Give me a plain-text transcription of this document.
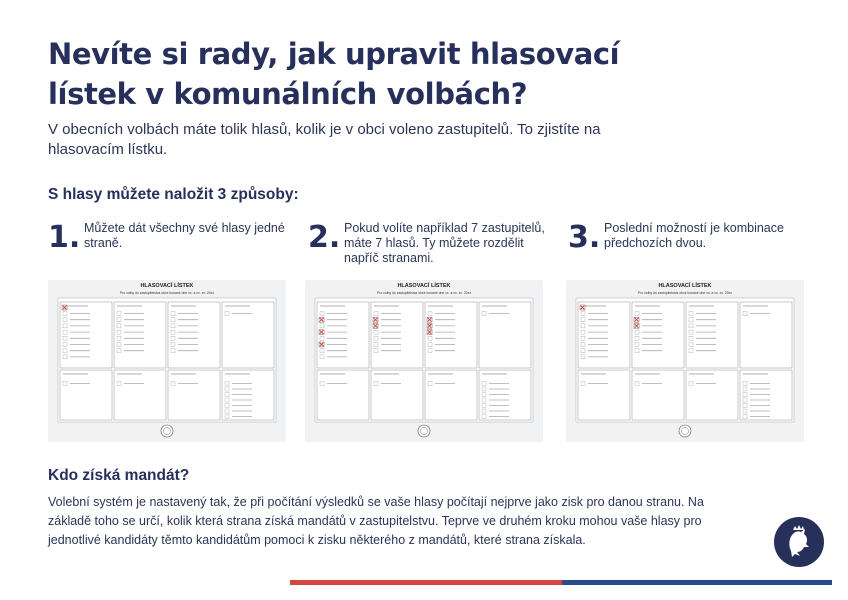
Nevíte si rady, jak upravit hlasovací lístek v komunálních volbách?
V obecních volbách máte tolik hlasů, kolik je v obci voleno zastupitelů. To zjistíte na hlasovacím lístku.
S hlasy můžete naložit 3 způsoby:
1. Můžete dát všechny své hlasy jedné straně.	2. Pokud volíte například 7 zastupitelů, máte 7 hlasů. Ty můžete rozdělit napříč stranami.
3. Poslední možností je kombinace předchozích dvou.
HLASOVACÍ LÍSTEK
Pro volby do zastupitelstva obce konané dne xx. a xx. xx. 20xx
HLASOVACÍ LÍSTEK
Pro volby do zastupitelstva obce konané dne xx. a xx. xx. 20xx
HLASOVACÍ LÍSTEK
Pro volby do zastupitelstva obce konané dne xx. a xx. xx. 20xx
Kdo získá mandát?
Volební systém je nastavený tak, že při počítání výsledků se vaše hlasy počítají nejprve jako zisk pro danou stranu. Na základě toho se určí, kolik která strana získá mandátů v zastupitelstvu. Teprve ve druhém kroku mohou vaše hlasy pro jednotlivé kandidáty těmto kandidátům pomoci k zisku některého z mandátů, které strana získala.
